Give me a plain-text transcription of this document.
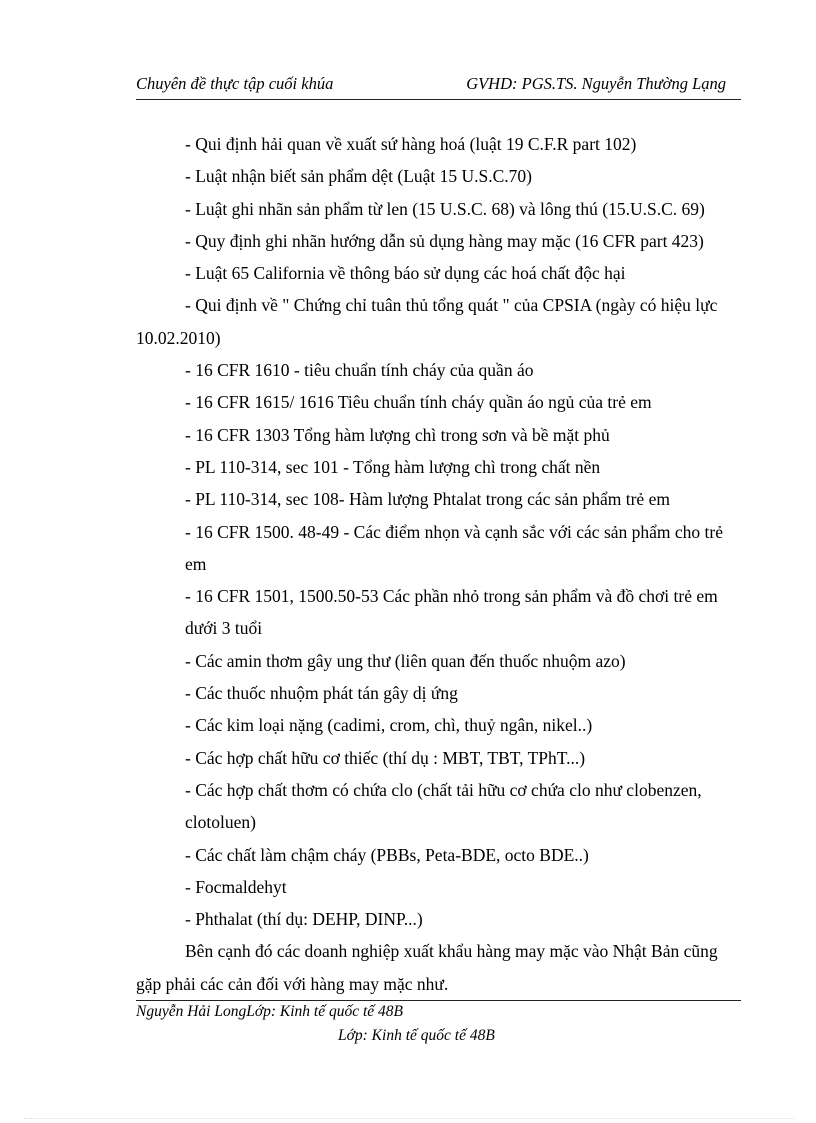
Chuyên đề thực tập cuối khúa	GVHD: PGS.TS. Nguyễn Thường Lạng

- Qui định hải quan về xuất sứ hàng hoá (luật 19 C.F.R part 102)

- Luật nhận biết sản phẩm dệt (Luật 15 U.S.C.70)

- Luật ghi nhãn sản phẩm từ len (15 U.S.C. 68) và lông thú (15.U.S.C. 69)

- Quy định ghi nhãn hướng dẫn sủ dụng hàng may mặc (16 CFR part 423)

- Luật 65 California về thông báo sử dụng các hoá chất độc hại

- Qui định về " Chứng chỉ tuân thủ tổng quát " của CPSIA (ngày có hiệu lực 10.02.2010)

- 16 CFR 1610 - tiêu chuẩn tính cháy của quần áo

- 16 CFR 1615/ 1616 Tiêu chuẩn tính cháy quần áo ngủ của trẻ em

- 16 CFR 1303 Tổng hàm lượng chì trong sơn và bề mặt phủ

- PL 110-314, sec 101 - Tổng hàm lượng chì trong chất nền

- PL 110-314, sec 108- Hàm lượng Phtalat trong các sản phẩm trẻ em

- 16 CFR 1500. 48-49 - Các điểm nhọn và cạnh sắc với các sản phẩm cho trẻ em

- 16 CFR 1501, 1500.50-53 Các phần nhỏ trong sản phẩm và đồ chơi trẻ em dưới 3 tuổi

- Các amin thơm gây ung thư (liên quan đến thuốc nhuộm azo)

- Các thuốc nhuộm phát tán gây dị ứng

- Các kim loại nặng (cadimi, crom, chì, thuỷ ngân, nikel..)

- Các hợp chất hữu cơ thiếc (thí dụ : MBT, TBT, TPhT...)

- Các hợp chất thơm có chứa clo (chất tải hữu cơ chứa clo như clobenzen, clotoluen)

- Các chất làm chậm cháy (PBBs, Peta-BDE, octo BDE..)

- Focmaldehyt

- Phthalat (thí dụ: DEHP, DINP...)

Bên cạnh đó các doanh nghiệp xuất khẩu hàng may mặc vào Nhật Bản cũng gặp phải các cản đối với hàng may mặc như.

Nguyễn Hải LongLớp: Kinh tế quốc tế 48B
Lớp: Kinh tế quốc tế 48B
